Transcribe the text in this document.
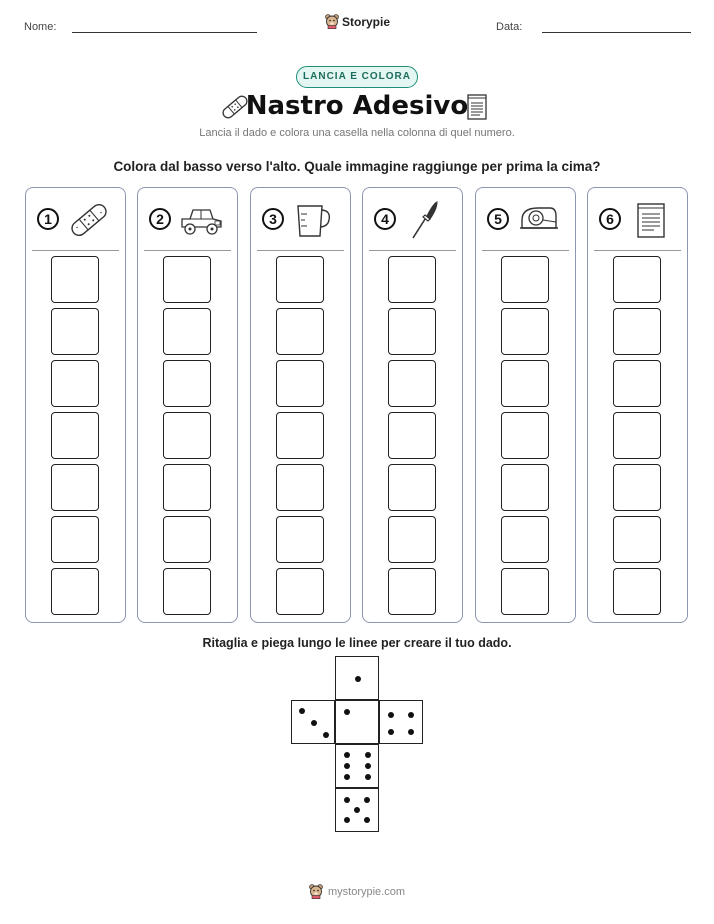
Nome:	Storypie	Data:
LANCIA E COLORA
Nastro Adesivo
Lancia il dado e colora una casella nella colonna di quel numero.
Colora dal basso verso l'alto. Quale immagine raggiunge per prima la cima?
1	2	3	4	5	6
Ritaglia e piega lungo le linee per creare il tuo dado.
mystorypie.com
